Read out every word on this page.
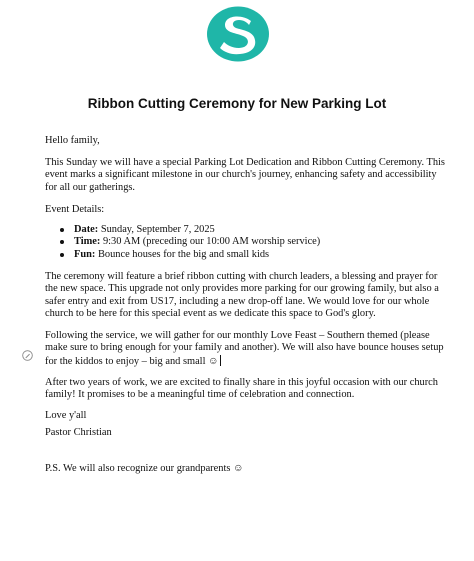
Ribbon Cutting Ceremony for New Parking Lot

Hello family,

This Sunday we will have a special Parking Lot Dedication and Ribbon Cutting Ceremony. This event marks a significant milestone in our church's journey, enhancing safety and accessibility for all our gatherings.

Event Details:

Date: Sunday, September 7, 2025
Time: 9:30 AM (preceding our 10:00 AM worship service)
Fun: Bounce houses for the big and small kids

The ceremony will feature a brief ribbon cutting with church leaders, a blessing and prayer for the new space. This upgrade not only provides more parking for our growing family, but also a safer entry and exit from US17, including a new drop-off lane. We would love for our whole church to be here for this special event as we dedicate this space to God's glory.

Following the service, we will gather for our monthly Love Feast – Southern themed (please make sure to bring enough for your family and another). We will also have bounce houses setup for the kiddos to enjoy – big and small ☺

After two years of work, we are excited to finally share in this joyful occasion with our church family! It promises to be a meaningful time of celebration and connection.

Love y'all

Pastor Christian

P.S. We will also recognize our grandparents ☺
